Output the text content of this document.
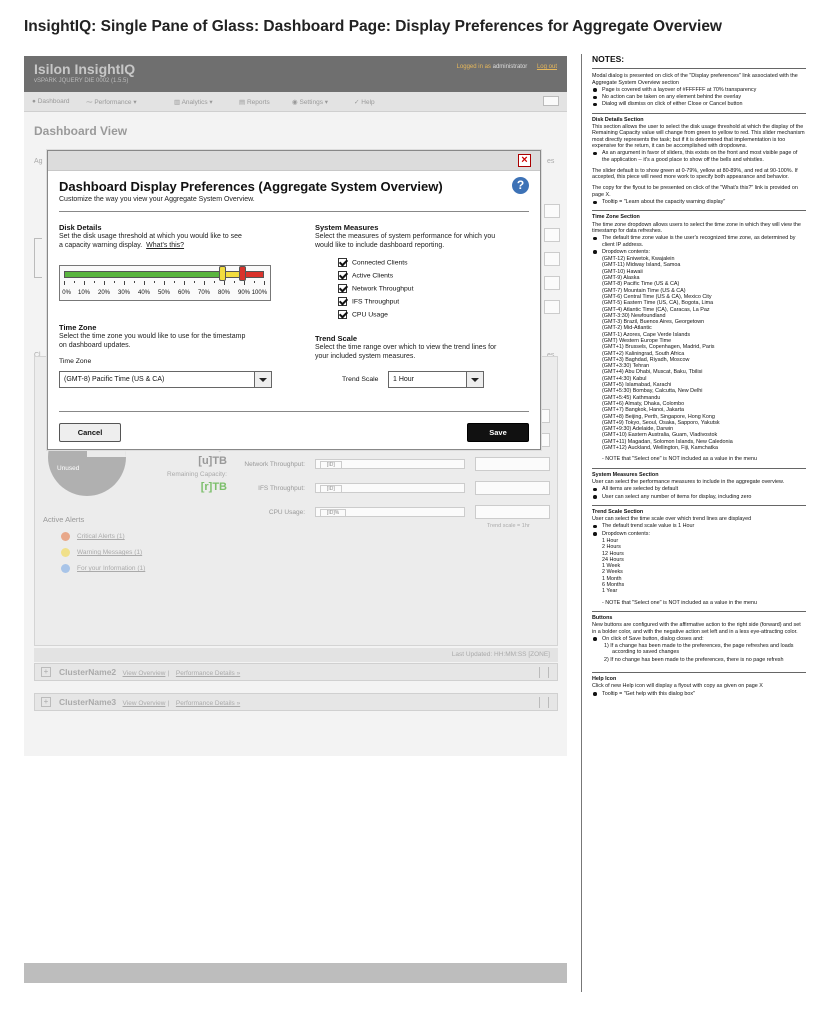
InsightIQ: Single Pane of Glass: Dashboard Page: Display Preferences for Aggregate Overview
Isilon InsightIQ
vSPARK JQUERY DIE 0002 (1.5.5)
Logged in as administrator Log out
● Dashboard	⁓ Performance ▾	▥ Analytics ▾	▤ Reports	◉ Settings ▾	✓ Help
Dashboard View
Ag	es
Unused
[u]TB
Remaining Capacity:
[r]TB
Network Throughput:	[ID]
IFS Throughput:	[ID]
CPU Usage:	[ID]%
Trend scale = 1hr
Active Alerts
Critical Alerts (1)
Warning Messages (1)
For your Information (1)
Last Updated: HH:MM:SS [ZONE]
+	ClusterName2 View Overview | Performance Details »
+	ClusterName3 View Overview | Performance Details »
×
Dashboard Display Preferences (Aggregate System Overview)
Customize the way you view your Aggregate System Overview.
?
Disk Details
Set the disk usage threshold at which you would like to see
a capacity warning display. What's this?
0% 10% 20% 30% 40% 50% 60% 70% 80% 90% 100%
System Measures
Select the measures of system performance for which you
would like to include dashboard reporting.
Connected Clients
Active Clients
Network Throughput
IFS Throughput
CPU Usage
Time Zone
Select the time zone you would like to use for the timestamp
on dashboard updates.
Time Zone
(GMT-8) Pacific Time (US & CA)
Trend Scale
Select the time range over which to view the trend lines for
your included system measures.
Trend Scale 1 Hour
Cancel	Save
NOTES:
Modal dialog is presented on click of the "Display preferences" link associated with the Aggregate System Overview section
Page is covered with a layover of #FFFFFF at 70% transparency
No action can be taken on any element behind the overlay
Dialog will dismiss on click of either Close or Cancel button
Disk Details Section
This section allows the user to select the disk usage threshold at which the display of the Remaining Capacity value will change from green to yellow to red. This slider mechanism most directly represents the task; but if it is determined that implementation is too expensive for the return, it can be accomplished with dropdowns.
As an argument in favor of sliders, this exists on the front and most visible page of the application -- it's a good place to show off the bells and whistles.
The slider default is to show green at 0-79%, yellow at 80-89%, and red at 90-100%. If accepted, this piece will need more work to specify both appearance and behavior.
The copy for the flyout to be presented on click of the "What's this?" link is provided on page X.
Tooltip = "Learn about the capacity warning display"
Time Zone Section
The time zone dropdown allows users to select the time zone in which they will view the timestamp for data refreshes.
The default time zone value is the user's recognized time zone, as determined by client IP address.
Dropdown contents:
(GMT-12) Eniwetok, Kwajalein
(GMT-11) Midway Island, Samoa
(GMT-10) Hawaii
(GMT-9) Alaska
(GMT-8) Pacific Time (US & CA)
(GMT-7) Mountain Time (US & CA)
(GMT-6) Central Time (US & CA), Mexico City
(GMT-5) Eastern Time (US, CA), Bogota, Lima
(GMT-4) Atlantic Time (CA), Caracas, La Paz
(GMT-3:30) Newfoundland
(GMT-3) Brazil, Buenos Aires, Georgetown
(GMT-2) Mid-Atlantic
(GMT-1) Azores, Cape Verde Islands
(GMT) Western Europe Time
(GMT+1) Brussels, Copenhagen, Madrid, Paris
(GMT+2) Kaliningrad, South Africa
(GMT+3) Baghdad, Riyadh, Moscow
(GMT+3:30) Tehran
(GMT+4) Abu Dhabi, Muscat, Baku, Tbilisi
(GMT+4:30) Kabul
(GMT+5) Islamabad, Karachi
(GMT+5:30) Bombay, Calcutta, New Delhi
(GMT+5:45) Kathmandu
(GMT+6) Almaty, Dhaka, Colombo
(GMT+7) Bangkok, Hanoi, Jakarta
(GMT+8) Beijing, Perth, Singapore, Hong Kong
(GMT+9) Tokyo, Seoul, Osaka, Sapporo, Yakutsk
(GMT+9:30) Adelaide, Darwin
(GMT+10) Eastern Australia, Guam, Vladivostok
(GMT+11) Magadan, Solomon Islands, New Caledonia
(GMT+12) Auckland, Wellington, Fiji, Kamchatka
- NOTE that "Select one" is NOT included as a value in the menu
System Measures Section
User can select the performance measures to include in the aggregate overview.
All items are selected by default
User can select any number of items for display, including zero
Trend Scale Section
User can select the time scale over which trend lines are displayed
The default trend scale value is 1 Hour
Dropdown contents:
1 Hour
2 Hours
12 Hours
24 Hours
1 Week
2 Weeks
1 Month
6 Months
1 Year
- NOTE that "Select one" is NOT included as a value in the menu
Buttons
New buttons are configured with the affirmative action to the right side (forward) and set in a bolder color, and with the negative action set left and in a less eye-attracting color.
On click of Save button, dialog closes and:
1) If a change has been made to the preferences, the page refreshes and loads according to saved changes
2) If no change has been made to the preferences, there is no page refresh
Help Icon
Click of new Help icon will display a flyout with copy as given on page X
Tooltip = "Get help with this dialog box"
